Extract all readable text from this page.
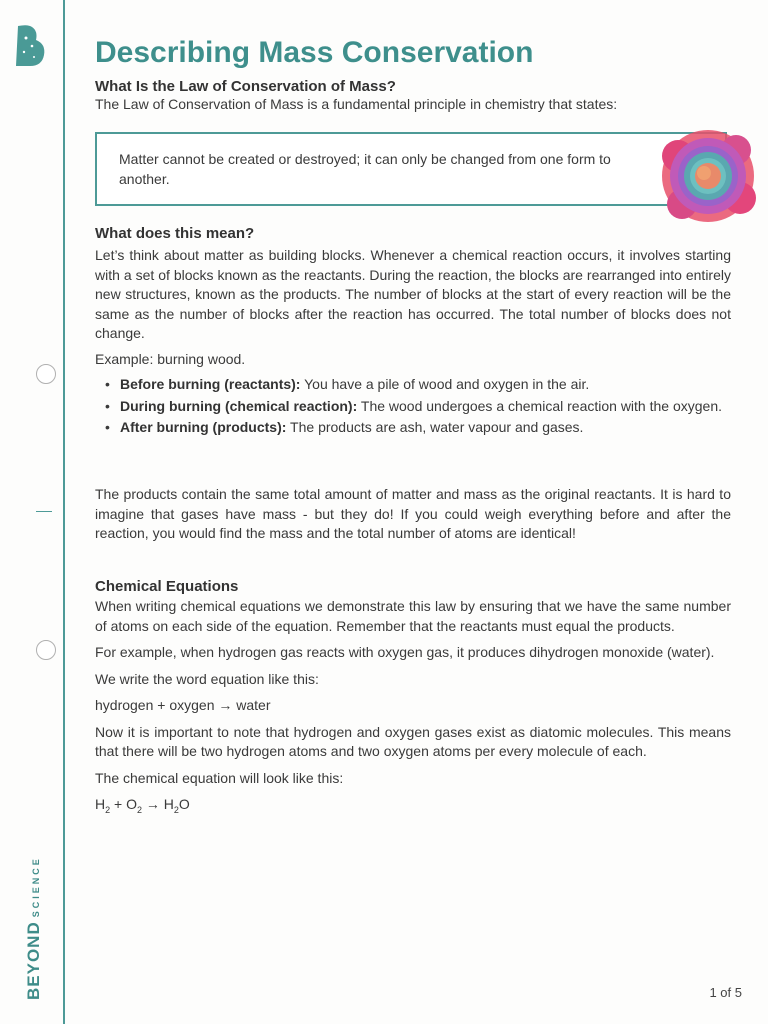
BEYONDSCIENCE
Describing Mass Conservation
What Is the Law of Conservation of Mass?

The Law of Conservation of Mass is a fundamental principle in chemistry that states:

Matter cannot be created or destroyed; it can only be changed from one form to another.

What does this mean?

Let’s think about matter as building blocks. Whenever a chemical reaction occurs, it involves starting with a set of blocks known as the reactants. During the reaction, the blocks are rearranged into entirely new structures, known as the products. The number of blocks at the start of every reaction will be the same as the number of blocks after the reaction has occurred. The total number of blocks does not change.

Example: burning wood.

• Before burning (reactants): You have a pile of wood and oxygen in the air.
• During burning (chemical reaction): The wood undergoes a chemical reaction with the oxygen.
• After burning (products): The products are ash, water vapour and gases.

The products contain the same total amount of matter and mass as the original reactants. It is hard to imagine that gases have mass - but they do! If you could weigh everything before and after the reaction, you would find the mass and the total number of atoms are identical!

Chemical Equations

When writing chemical equations we demonstrate this law by ensuring that we have the same number of atoms on each side of the equation. Remember that the reactants must equal the products.

For example, when hydrogen gas reacts with oxygen gas, it produces dihydrogen monoxide (water).

We write the word equation like this:

hydrogen + oxygen → water

Now it is important to note that hydrogen and oxygen gases exist as diatomic molecules. This means that there will be two hydrogen atoms and two oxygen atoms per every molecule of each.

The chemical equation will look like this:

$H_2 + O_2 \to H_2O$

1 of 5
